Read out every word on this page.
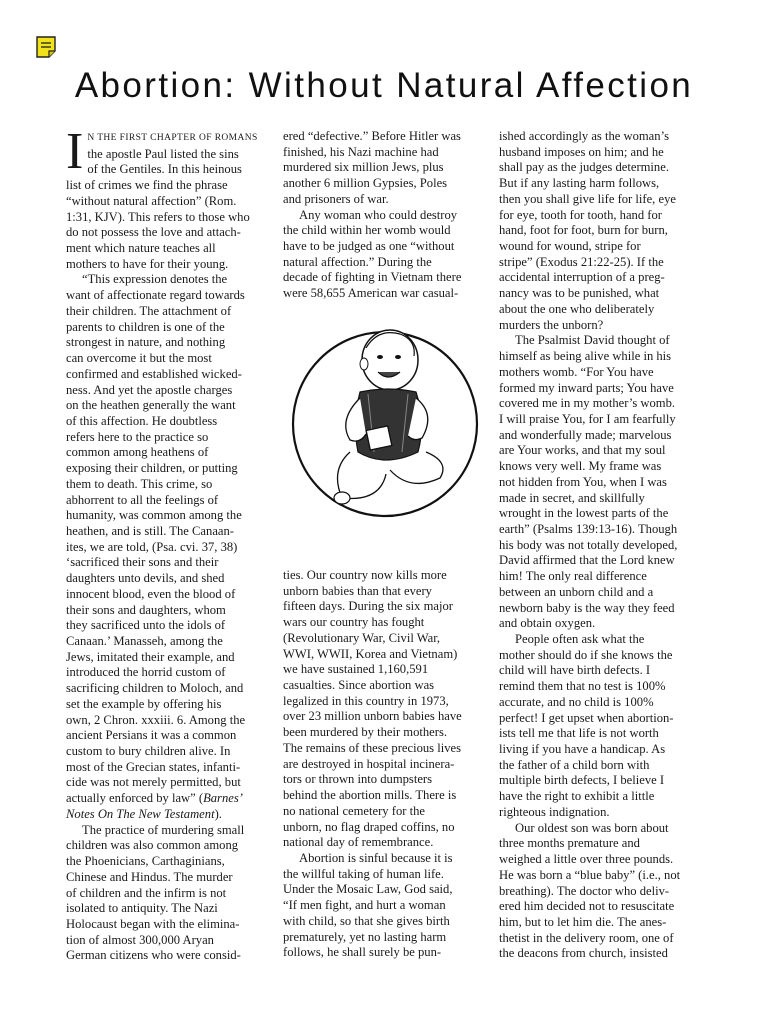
Abortion: Without Natural Affection
I N THE FIRST CHAPTER OF ROMANS
the apostle Paul listed the sins
of the Gentiles. In this heinous
list of crimes we find the phrase
“without natural affection” (Rom.
1:31, KJV). This refers to those who
do not possess the love and attach-
ment which nature teaches all
mothers to have for their young.
“This expression denotes the
want of affectionate regard towards
their children. The attachment of
parents to children is one of the
strongest in nature, and nothing
can overcome it but the most
confirmed and established wicked-
ness. And yet the apostle charges
on the heathen generally the want
of this affection. He doubtless
refers here to the practice so
common among heathens of
exposing their children, or putting
them to death. This crime, so
abhorrent to all the feelings of
humanity, was common among the
heathen, and is still. The Canaan-
ites, we are told, (Psa. cvi. 37, 38)
‘sacrificed their sons and their
daughters unto devils, and shed
innocent blood, even the blood of
their sons and daughters, whom
they sacrificed unto the idols of
Canaan.’ Manasseh, among the
Jews, imitated their example, and
introduced the horrid custom of
sacrificing children to Moloch, and
set the example by offering his
own, 2 Chron. xxxiii. 6. Among the
ancient Persians it was a common
custom to bury children alive. In
most of the Grecian states, infanti-
cide was not merely permitted, but
actually enforced by law” (Barnes’
Notes On The New Testament).
The practice of murdering small
children was also common among
the Phoenicians, Carthaginians,
Chinese and Hindus. The murder
of children and the infirm is not
isolated to antiquity. The Nazi
Holocaust began with the elimina-
tion of almost 300,000 Aryan
German citizens who were consid-
ered “defective.” Before Hitler was
finished, his Nazi machine had
murdered six million Jews, plus
another 6 million Gypsies, Poles
and prisoners of war.
Any woman who could destroy
the child within her womb would
have to be judged as one “without
natural affection.” During the
decade of fighting in Vietnam there
were 58,655 American war casual-
ties. Our country now kills more
unborn babies than that every
fifteen days. During the six major
wars our country has fought
(Revolutionary War, Civil War,
WWI, WWII, Korea and Vietnam)
we have sustained 1,160,591
casualties. Since abortion was
legalized in this country in 1973,
over 23 million unborn babies have
been murdered by their mothers.
The remains of these precious lives
are destroyed in hospital incinera-
tors or thrown into dumpsters
behind the abortion mills. There is
no national cemetery for the
unborn, no flag draped coffins, no
national day of remembrance.
Abortion is sinful because it is
the willful taking of human life.
Under the Mosaic Law, God said,
“If men fight, and hurt a woman
with child, so that she gives birth
prematurely, yet no lasting harm
follows, he shall surely be pun-
ished accordingly as the woman’s
husband imposes on him; and he
shall pay as the judges determine.
But if any lasting harm follows,
then you shall give life for life, eye
for eye, tooth for tooth, hand for
hand, foot for foot, burn for burn,
wound for wound, stripe for
stripe” (Exodus 21:22-25). If the
accidental interruption of a preg-
nancy was to be punished, what
about the one who deliberately
murders the unborn?
The Psalmist David thought of
himself as being alive while in his
mothers womb. “For You have
formed my inward parts; You have
covered me in my mother’s womb.
I will praise You, for I am fearfully
and wonderfully made; marvelous
are Your works, and that my soul
knows very well. My frame was
not hidden from You, when I was
made in secret, and skillfully
wrought in the lowest parts of the
earth” (Psalms 139:13-16). Though
his body was not totally developed,
David affirmed that the Lord knew
him! The only real difference
between an unborn child and a
newborn baby is the way they feed
and obtain oxygen.
People often ask what the
mother should do if she knows the
child will have birth defects. I
remind them that no test is 100%
accurate, and no child is 100%
perfect! I get upset when abortion-
ists tell me that life is not worth
living if you have a handicap. As
the father of a child born with
multiple birth defects, I believe I
have the right to exhibit a little
righteous indignation.
Our oldest son was born about
three months premature and
weighed a little over three pounds.
He was born a “blue baby” (i.e., not
breathing). The doctor who deliv-
ered him decided not to resuscitate
him, but to let him die. The anes-
thetist in the delivery room, one of
the deacons from church, insisted
